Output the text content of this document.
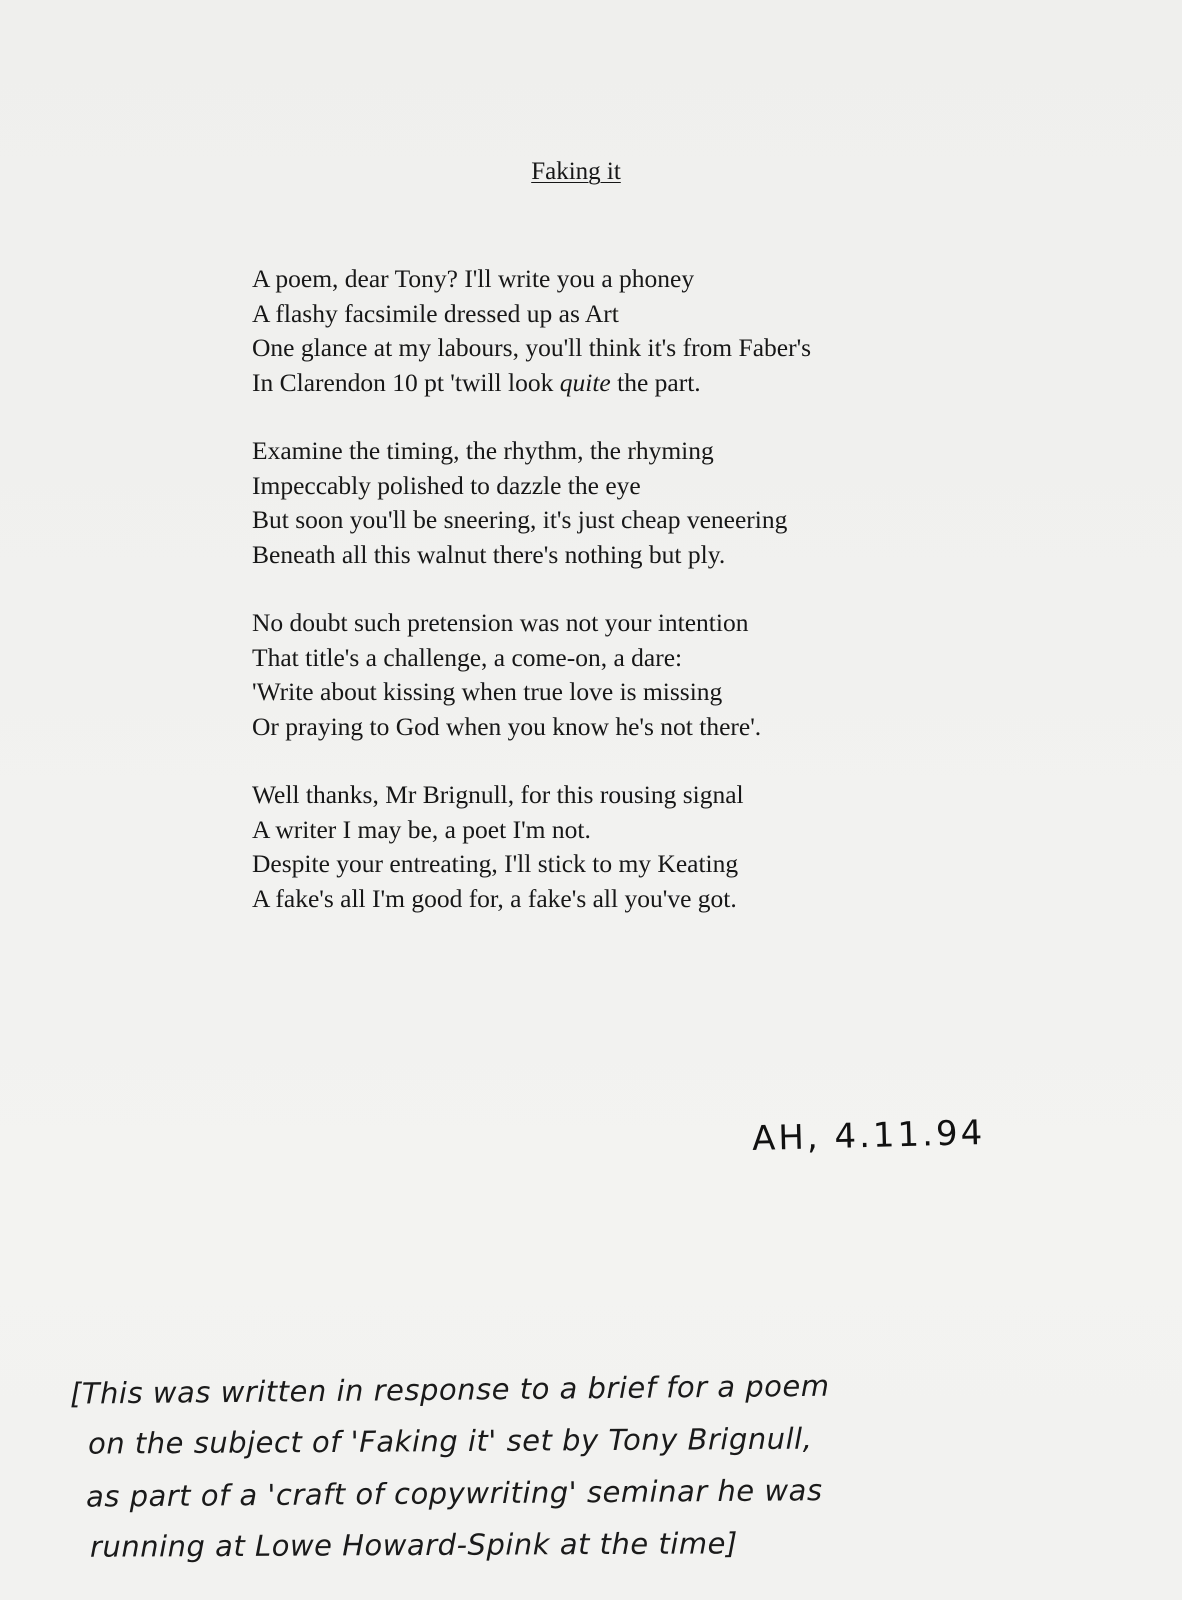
Faking it
A poem, dear Tony? I'll write you a phoney
A flashy facsimile dressed up as Art
One glance at my labours, you'll think it's from Faber's
In Clarendon 10 pt 'twill look quite the part.
Examine the timing, the rhythm, the rhyming
Impeccably polished to dazzle the eye
But soon you'll be sneering, it's just cheap veneering
Beneath all this walnut there's nothing but ply.
No doubt such pretension was not your intention
That title's a challenge, a come-on, a dare:
'Write about kissing when true love is missing
Or praying to God when you know he's not there'.
Well thanks, Mr Brignull, for this rousing signal
A writer I may be, a poet I'm not.
Despite your entreating, I'll stick to my Keating
A fake's all I'm good for, a fake's all you've got.
AH, 4.11.94
[This was written in response to a brief for a poem
on the subject of 'Faking it' set by Tony Brignull,
as part of a 'craft of copywriting' seminar he was
running at Lowe Howard-Spink at the time]
